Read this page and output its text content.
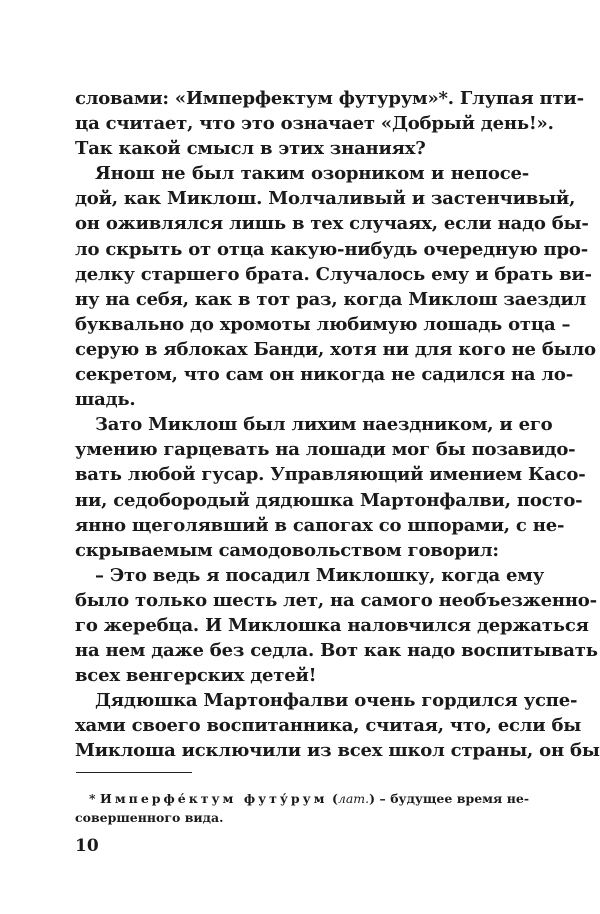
словами: «Имперфектум футурум»*. Глупая пти-
ца считает, что это означает «Добрый день!».
Так какой смысл в этих знаниях?
Янош не был таким озорником и непосе-
дой, как Миклош. Молчаливый и застенчивый,
он оживлялся лишь в тех случаях, если надо бы-
ло скрыть от отца какую-нибудь очередную про-
делку старшего брата. Случалось ему и брать ви-
ну на себя, как в тот раз, когда Миклош заездил
буквально до хромоты любимую лошадь отца –
серую в яблоках Банди, хотя ни для кого не было
секретом, что сам он никогда не садился на ло-
шадь.
Зато Миклош был лихим наездником, и его
умению гарцевать на лошади мог бы позавидо-
вать любой гусар. Управляющий имением Касо-
ни, седобородый дядюшка Мартонфалви, посто-
янно щеголявший в сапогах со шпорами, с не-
скрываемым самодовольством говорил:
– Это ведь я посадил Миклошку, когда ему
было только шесть лет, на самого необъезженно-
го жеребца. И Миклошка наловчился держаться
на нем даже без седла. Вот как надо воспитывать
всех венгерских детей!
Дядюшка Мартонфалви очень гордился успе-
хами своего воспитанника, считая, что, если бы
Миклоша исключили из всех школ страны, он бы
* Имперфе́ктум футу́рум (лат.) – будущее время не-
совершенного вида.
10
